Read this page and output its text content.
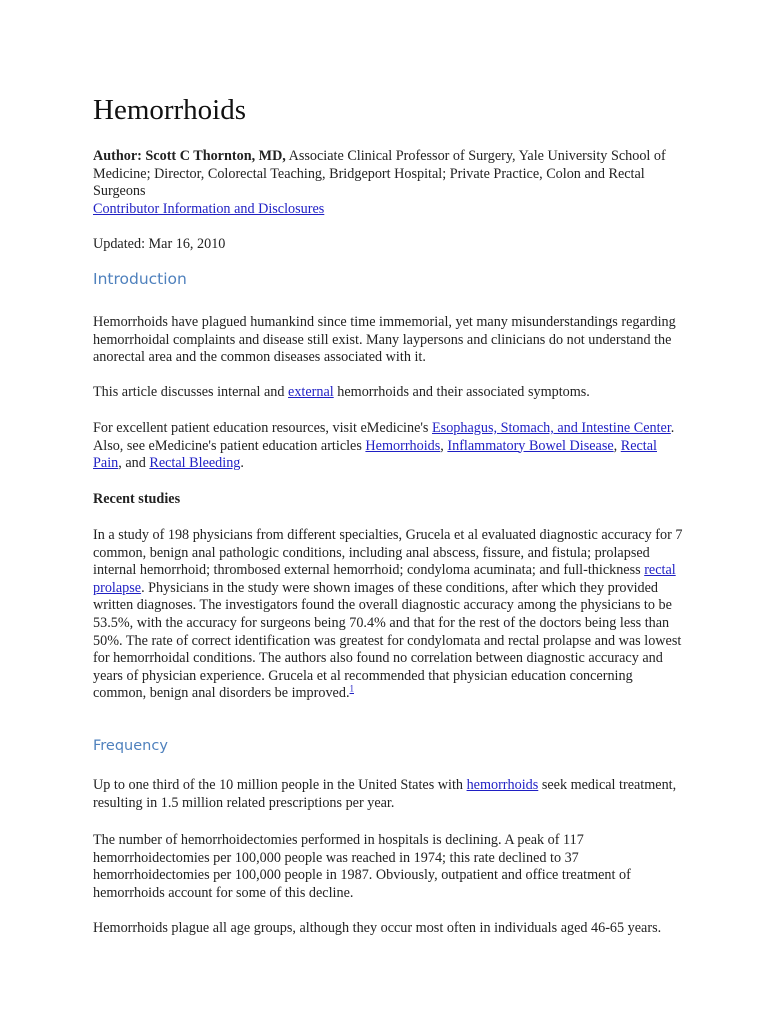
Hemorrhoids

Author: Scott C Thornton, MD, Associate Clinical Professor of Surgery, Yale University School of Medicine; Director, Colorectal Teaching, Bridgeport Hospital; Private Practice, Colon and Rectal Surgeons

Contributor Information and Disclosures

Updated: Mar 16, 2010

Introduction

Hemorrhoids have plagued humankind since time immemorial, yet many misunderstandings regarding hemorrhoidal complaints and disease still exist. Many laypersons and clinicians do not understand the anorectal area and the common diseases associated with it.

This article discusses internal and external hemorrhoids and their associated symptoms.

For excellent patient education resources, visit eMedicine's Esophagus, Stomach, and Intestine Center. Also, see eMedicine's patient education articles Hemorrhoids, Inflammatory Bowel Disease, Rectal Pain, and Rectal Bleeding.

Recent studies

In a study of 198 physicians from different specialties, Grucela et al evaluated diagnostic accuracy for 7 common, benign anal pathologic conditions, including anal abscess, fissure, and fistula; prolapsed internal hemorrhoid; thrombosed external hemorrhoid; condyloma acuminata; and full-thickness rectal prolapse. Physicians in the study were shown images of these conditions, after which they provided written diagnoses. The investigators found the overall diagnostic accuracy among the physicians to be 53.5%, with the accuracy for surgeons being 70.4% and that for the rest of the doctors being less than 50%. The rate of correct identification was greatest for condylomata and rectal prolapse and was lowest for hemorrhoidal conditions. The authors also found no correlation between diagnostic accuracy and years of physician experience. Grucela et al recommended that physician education concerning common, benign anal disorders be improved.$^1$

Frequency

Up to one third of the 10 million people in the United States with hemorrhoids seek medical treatment, resulting in 1.5 million related prescriptions per year.

The number of hemorrhoidectomies performed in hospitals is declining. A peak of 117 hemorrhoidectomies per 100,000 people was reached in 1974; this rate declined to 37 hemorrhoidectomies per 100,000 people in 1987. Obviously, outpatient and office treatment of hemorrhoids account for some of this decline.

Hemorrhoids plague all age groups, although they occur most often in individuals aged 46-65 years.
